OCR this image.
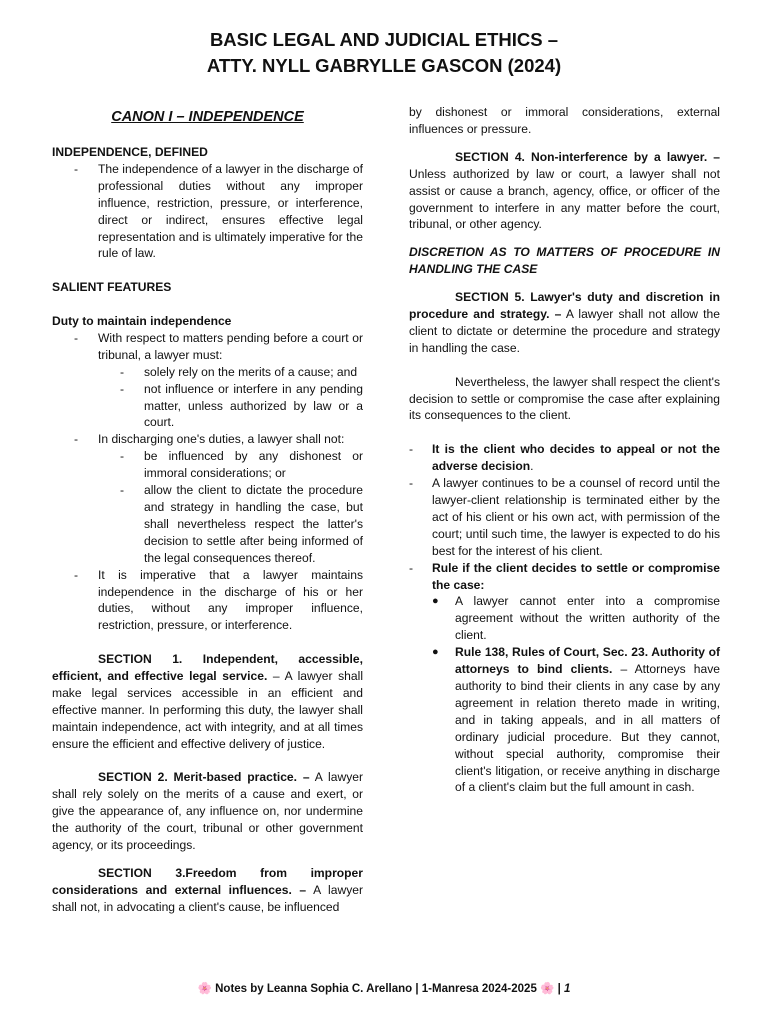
BASIC LEGAL AND JUDICIAL ETHICS –
ATTY. NYLL GABRYLLE GASCON (2024)

CANON I – INDEPENDENCE

INDEPENDENCE, DEFINED

- The independence of a lawyer in the discharge of professional duties without any improper influence, restriction, pressure, or interference, direct or indirect, ensures effective legal representation and is ultimately imperative for the rule of law.

SALIENT FEATURES

Duty to maintain independence

- With respect to matters pending before a court or tribunal, a lawyer must:
- solely rely on the merits of a cause; and
- not influence or interfere in any pending matter, unless authorized by law or a court.
- In discharging one's duties, a lawyer shall not:
- be influenced by any dishonest or immoral considerations; or
- allow the client to dictate the procedure and strategy in handling the case, but shall nevertheless respect the latter's decision to settle after being informed of the legal consequences thereof.
- It is imperative that a lawyer maintains independence in the discharge of his or her duties, without any improper influence, restriction, pressure, or interference.

SECTION 1. Independent, accessible, efficient, and effective legal service. – A lawyer shall make legal services accessible in an efficient and effective manner. In performing this duty, the lawyer shall maintain independence, act with integrity, and at all times ensure the efficient and effective delivery of justice.

SECTION 2. Merit-based practice. – A lawyer shall rely solely on the merits of a cause and exert, or give the appearance of, any influence on, nor undermine the authority of the court, tribunal or other government agency, or its proceedings.

SECTION 3.Freedom from improper considerations and external influences. – A lawyer shall not, in advocating a client's cause, be influenced

by dishonest or immoral considerations, external influences or pressure.

SECTION 4. Non-interference by a lawyer. – Unless authorized by law or court, a lawyer shall not assist or cause a branch, agency, office, or officer of the government to interfere in any matter before the court, tribunal, or other agency.

DISCRETION AS TO MATTERS OF PROCEDURE IN HANDLING THE CASE

SECTION 5. Lawyer's duty and discretion in procedure and strategy. – A lawyer shall not allow the client to dictate or determine the procedure and strategy in handling the case.

Nevertheless, the lawyer shall respect the client's decision to settle or compromise the case after explaining its consequences to the client.

- It is the client who decides to appeal or not the adverse decision.
- A lawyer continues to be a counsel of record until the lawyer-client relationship is terminated either by the act of his client or his own act, with permission of the court; until such time, the lawyer is expected to do his best for the interest of his client.
- Rule if the client decides to settle or compromise the case:
● A lawyer cannot enter into a compromise agreement without the written authority of the client.
● Rule 138, Rules of Court, Sec. 23. Authority of attorneys to bind clients. – Attorneys have authority to bind their clients in any case by any agreement in relation thereto made in writing, and in taking appeals, and in all matters of ordinary judicial procedure. But they cannot, without special authority, compromise their client's litigation, or receive anything in discharge of a client's claim but the full amount in cash.
🌸 Notes by Leanna Sophia C. Arellano | 1-Manresa 2024-2025 🌸 | 1
